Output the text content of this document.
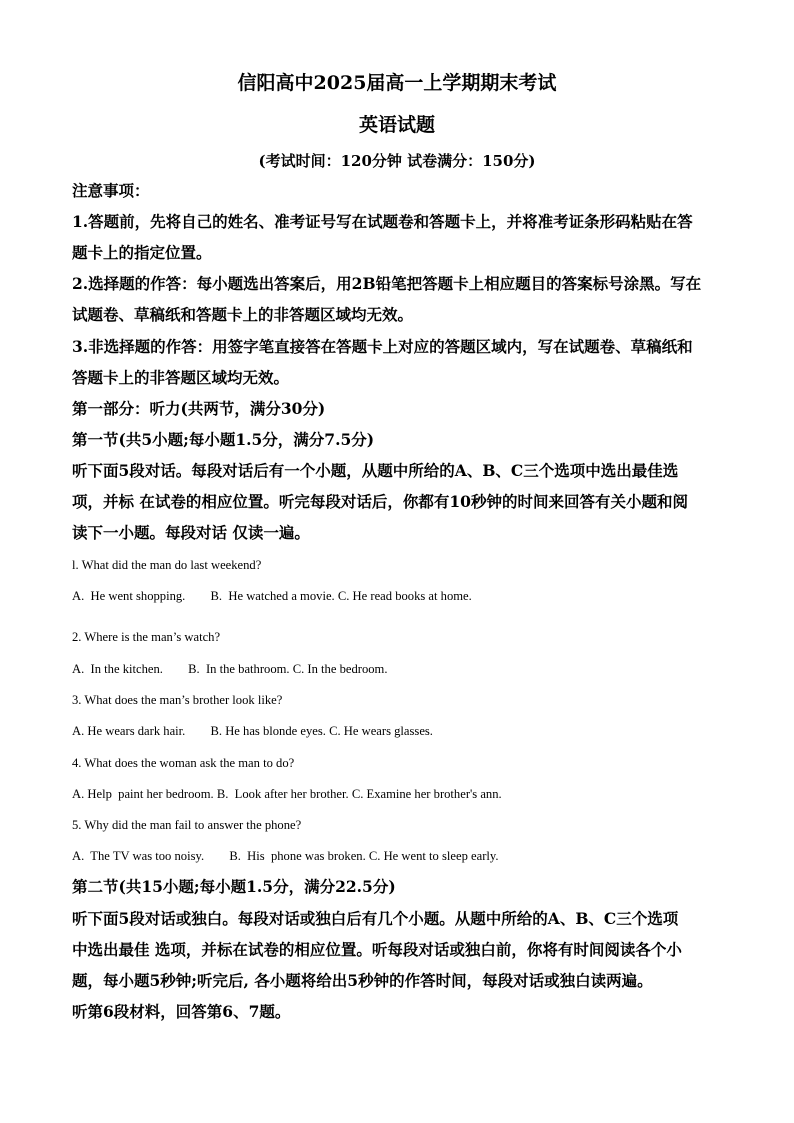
信阳高中2025届高一上学期期末考试
英语试题
(考试时间：120分钟 试卷满分：150分)
注意事项：
1.答题前，先将自己的姓名、准考证号写在试题卷和答题卡上，并将准考证条形码粘贴在答
题卡上的指定位置。
2.选择题的作答：每小题选出答案后，用2B铅笔把答题卡上相应题目的答案标号涂黑。写在
试题卷、草稿纸和答题卡上的非答题区域均无效。
3.非选择题的作答：用签字笔直接答在答题卡上对应的答题区域内，写在试题卷、草稿纸和
答题卡上的非答题区域均无效。
第一部分：听力(共两节，满分30分)
第一节(共5小题;每小题1.5分，满分7.5分)
听下面5段对话。每段对话后有一个小题，从题中所给的A、B、C三个选项中选出最佳选
项，并标 在试卷的相应位置。听完每段对话后，你都有10秒钟的时间来回答有关小题和阅
读下一小题。每段对话 仅读一遍。
l. What did the man do last weekend?
A.  He went shopping. B.  He watched a movie. C. He read books at home.
2. Where is the man’s watch?
A.  In the kitchen. B.  In the bathroom. C. In the bedroom.
3. What does the man’s brother look like?
A. He wears dark hair. B. He has blonde eyes. C. He wears glasses.
4. What does the woman ask the man to do?
A. Help  paint her bedroom. B.  Look after her brother. C. Examine her brother's ann.
5. Why did the man fail to answer the phone?
A.  The TV was too noisy. B.  His  phone was broken. C. He went to sleep early.
第二节(共15小题;每小题1.5分，满分22.5分)
听下面5段对话或独白。每段对话或独白后有几个小题。从题中所给的A、B、C三个选项
中选出最佳 选项，并标在试卷的相应位置。听每段对话或独白前，你将有时间阅读各个小
题，每小题5秒钟;听完后, 各小题将给出5秒钟的作答时间，每段对话或独白读两遍。
听第6段材料，回答第6、7题。
